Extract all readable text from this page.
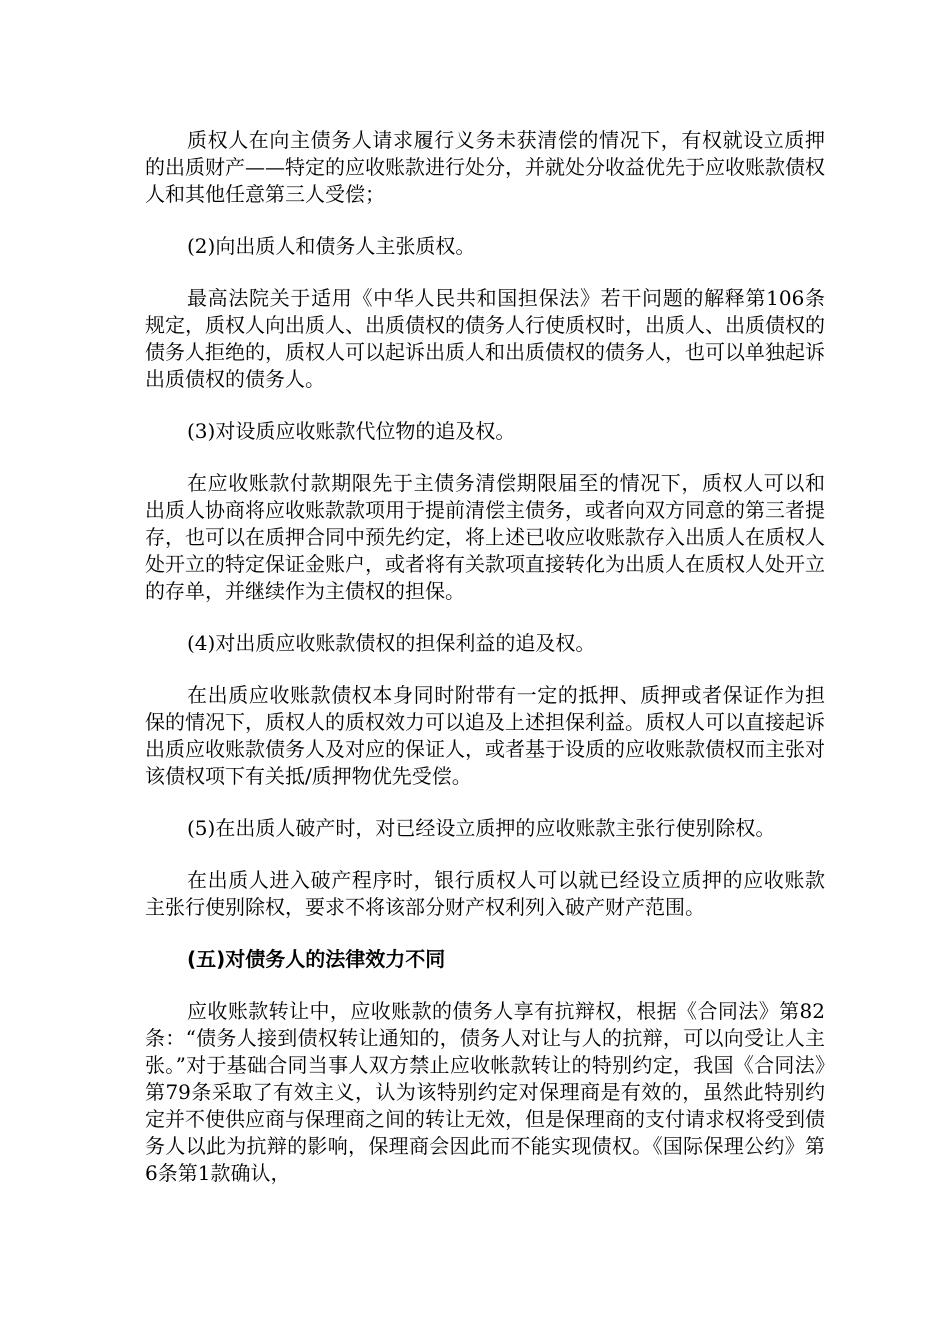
质权人在向主债务人请求履行义务未获清偿的情况下，有权就设立质押的出质财产——特定的应收账款进行处分，并就处分收益优先于应收账款债权人和其他任意第三人受偿；

(2)向出质人和债务人主张质权。

最高法院关于适用《中华人民共和国担保法》若干问题的解释第106条规定，质权人向出质人、出质债权的债务人行使质权时，出质人、出质债权的债务人拒绝的，质权人可以起诉出质人和出质债权的债务人，也可以单独起诉出质债权的债务人。

(3)对设质应收账款代位物的追及权。

在应收账款付款期限先于主债务清偿期限届至的情况下，质权人可以和出质人协商将应收账款款项用于提前清偿主债务，或者向双方同意的第三者提存，也可以在质押合同中预先约定，将上述已收应收账款存入出质人在质权人处开立的特定保证金账户，或者将有关款项直接转化为出质人在质权人处开立的存单，并继续作为主债权的担保。

(4)对出质应收账款债权的担保利益的追及权。

在出质应收账款债权本身同时附带有一定的抵押、质押或者保证作为担保的情况下，质权人的质权效力可以追及上述担保利益。质权人可以直接起诉出质应收账款债务人及对应的保证人，或者基于设质的应收账款债权而主张对该债权项下有关抵/质押物优先受偿。

(5)在出质人破产时，对已经设立质押的应收账款主张行使别除权。

在出质人进入破产程序时，银行质权人可以就已经设立质押的应收账款主张行使别除权，要求不将该部分财产权利列入破产财产范围。

(五)对债务人的法律效力不同

应收账款转让中，应收账款的债务人享有抗辩权，根据《合同法》第82条：“债务人接到债权转让通知的，债务人对让与人的抗辩，可以向受让人主张。”对于基础合同当事人双方禁止应收帐款转让的特别约定，我国《合同法》第79条采取了有效主义，认为该特别约定对保理商是有效的，虽然此特别约定并不使供应商与保理商之间的转让无效，但是保理商的支付请求权将受到债务人以此为抗辩的影响，保理商会因此而不能实现债权。《国际保理公约》第6条第1款确认，
